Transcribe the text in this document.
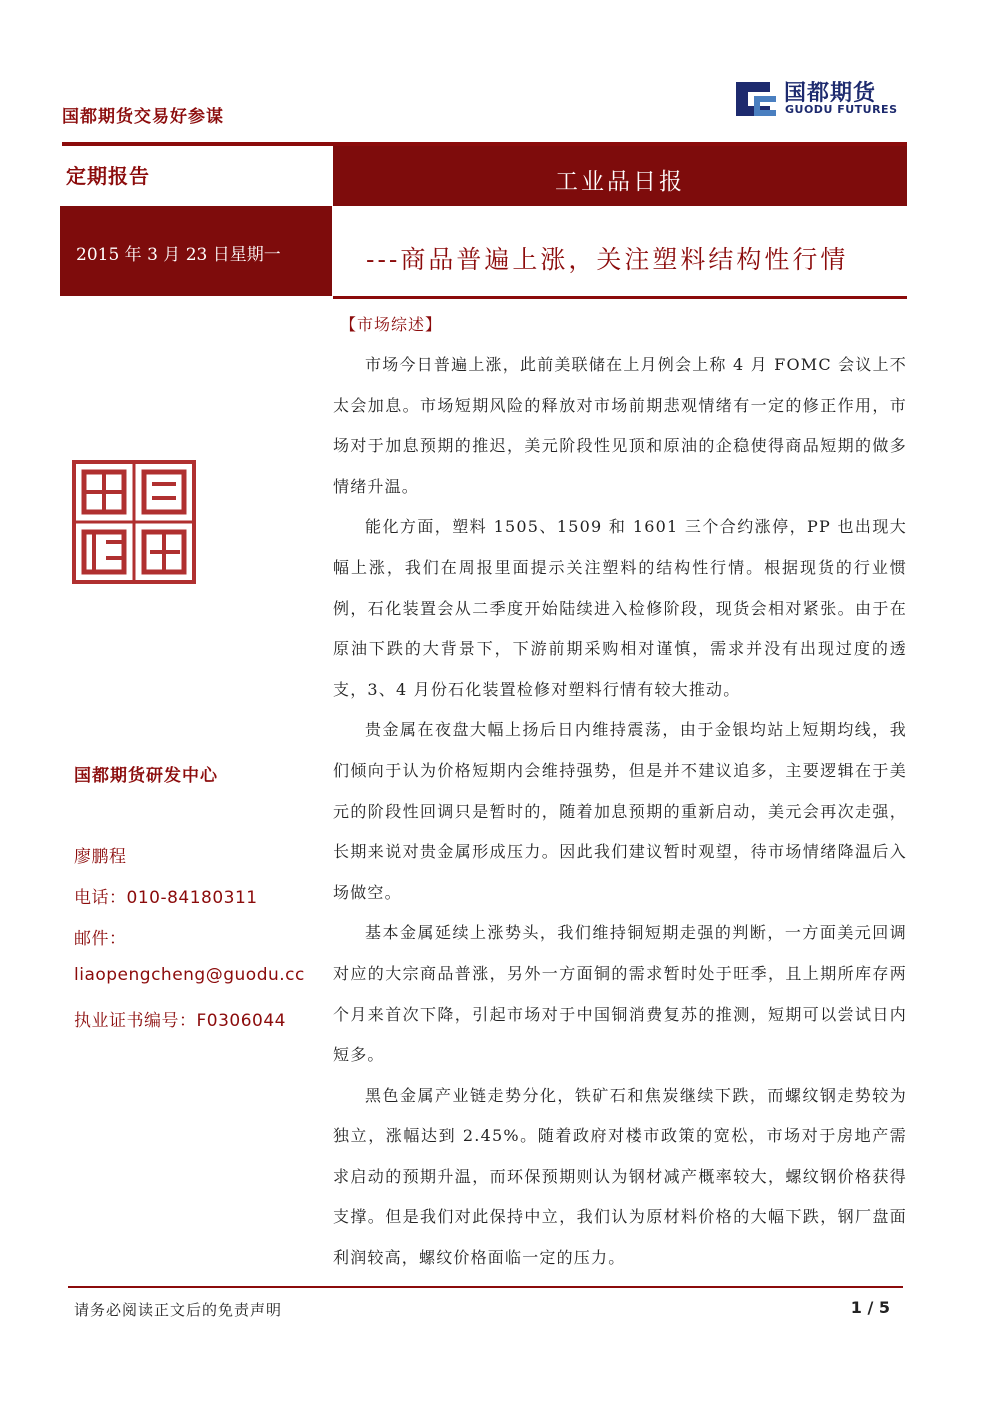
国都期货交易好参谋
国都期货
GUODU FUTURES
定期报告	工业品日报
2015 年 3 月 23 日星期一	---商品普遍上涨，关注塑料结构性行情
国都期货研发中心
廖鹏程
电话：010-84180311
邮件：
liaopengcheng@guodu.cc
执业证书编号：F0306044
【市场综述】

市场今日普遍上涨，此前美联储在上月例会上称 4 月 FOMC 会议上不太会加息。市场短期风险的释放对市场前期悲观情绪有一定的修正作用，市场对于加息预期的推迟，美元阶段性见顶和原油的企稳使得商品短期的做多情绪升温。

能化方面，塑料 1505、1509 和 1601 三个合约涨停，PP 也出现大幅上涨，我们在周报里面提示关注塑料的结构性行情。根据现货的行业惯例，石化装置会从二季度开始陆续进入检修阶段，现货会相对紧张。由于在原油下跌的大背景下，下游前期采购相对谨慎，需求并没有出现过度的透支，3、4 月份石化装置检修对塑料行情有较大推动。

贵金属在夜盘大幅上扬后日内维持震荡，由于金银均站上短期均线，我们倾向于认为价格短期内会维持强势，但是并不建议追多，主要逻辑在于美元的阶段性回调只是暂时的，随着加息预期的重新启动，美元会再次走强，长期来说对贵金属形成压力。因此我们建议暂时观望，待市场情绪降温后入场做空。

基本金属延续上涨势头，我们维持铜短期走强的判断，一方面美元回调对应的大宗商品普涨，另外一方面铜的需求暂时处于旺季，且上期所库存两个月来首次下降，引起市场对于中国铜消费复苏的推测，短期可以尝试日内短多。

黑色金属产业链走势分化，铁矿石和焦炭继续下跌，而螺纹钢走势较为独立，涨幅达到 2.45%。随着政府对楼市政策的宽松，市场对于房地产需求启动的预期升温，而环保预期则认为钢材减产概率较大，螺纹钢价格获得支撑。但是我们对此保持中立，我们认为原材料价格的大幅下跌，钢厂盘面利润较高，螺纹价格面临一定的压力。

请务必阅读正文后的免责声明	1 / 5
